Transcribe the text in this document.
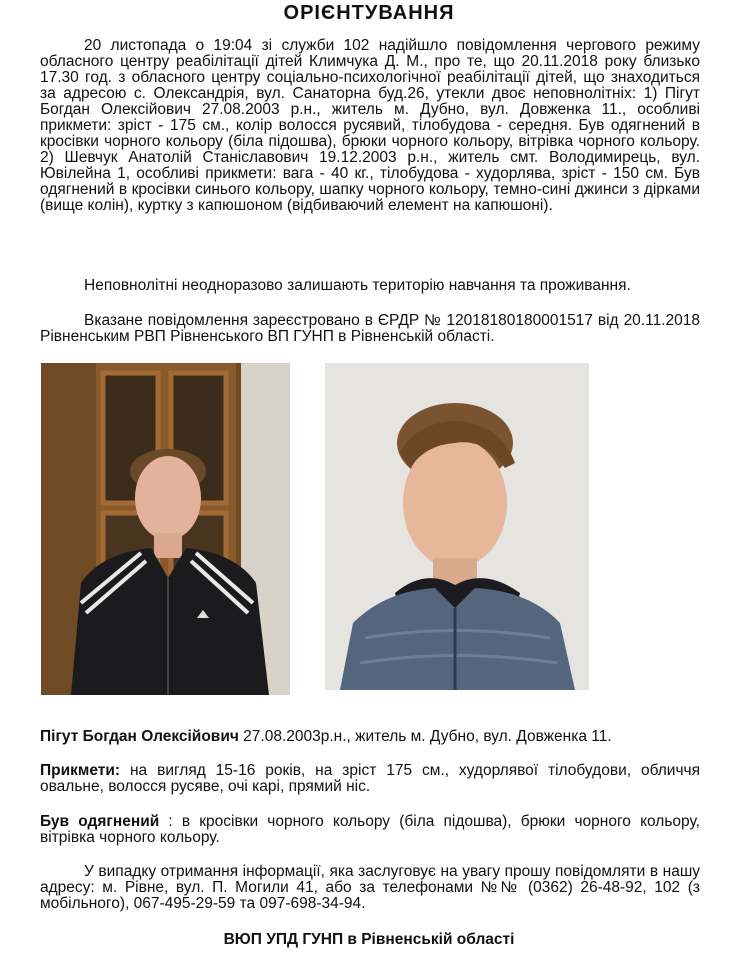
ОРІЄНТУВАННЯ
20 листопада о 19:04 зі служби 102 надійшло повідомлення чергового режиму обласного центру реабілітації дітей Климчука Д. М., про те, що 20.11.2018 року близько 17.30 год. з обласного центру соціально-психологічної реабілітації дітей, що знаходиться за адресою с. Олександрія, вул. Санаторна буд.26, утекли двоє неповнолітніх: 1) Пігут Богдан Олексійович 27.08.2003 р.н., житель м. Дубно, вул. Довженка 11., особливі прикмети: зріст - 175 см., колір волосся русявий, тілобудова - середня. Був одягнений в кросівки чорного кольору (біла підошва), брюки чорного кольору, вітрівка чорного кольору. 2) Шевчук Анатолій Станіславович 19.12.2003 р.н., житель смт. Володимирець, вул. Ювілейна 1, особливі прикмети: вага - 40 кг., тілобудова - худорлява, зріст - 150 см. Був одягнений в кросівки синього кольору, шапку чорного кольору, темно-сині джинси з дірками (вище колін), куртку з капюшоном (відбиваючий елемент на капюшоні).
Неповнолітні неодноразово залишають територію навчання та проживання.
Вказане повідомлення зареєстровано в ЄРДР № 12018180180001517 від 20.11.2018 Рівненським РВП Рівненського ВП ГУНП в Рівненській області.
Пігут Богдан Олексійович 27.08.2003р.н., житель м. Дубно, вул. Довженка 11.
Прикмети: на вигляд 15-16 років, на зріст 175 см., худорлявої тілобудови, обличчя овальне, волосся русяве, очі карі, прямий ніс.
Був одягнений : в кросівки чорного кольору (біла підошва), брюки чорного кольору, вітрівка чорного кольору.
У випадку отримання інформації, яка заслуговує на увагу прошу повідомляти в нашу адресу: м. Рівне, вул. П. Могили 41, або за телефонами №№ (0362) 26-48-92, 102 (з мобільного), 067-495-29-59 та 097-698-34-94.
ВЮП УПД ГУНП в Рівненській області
